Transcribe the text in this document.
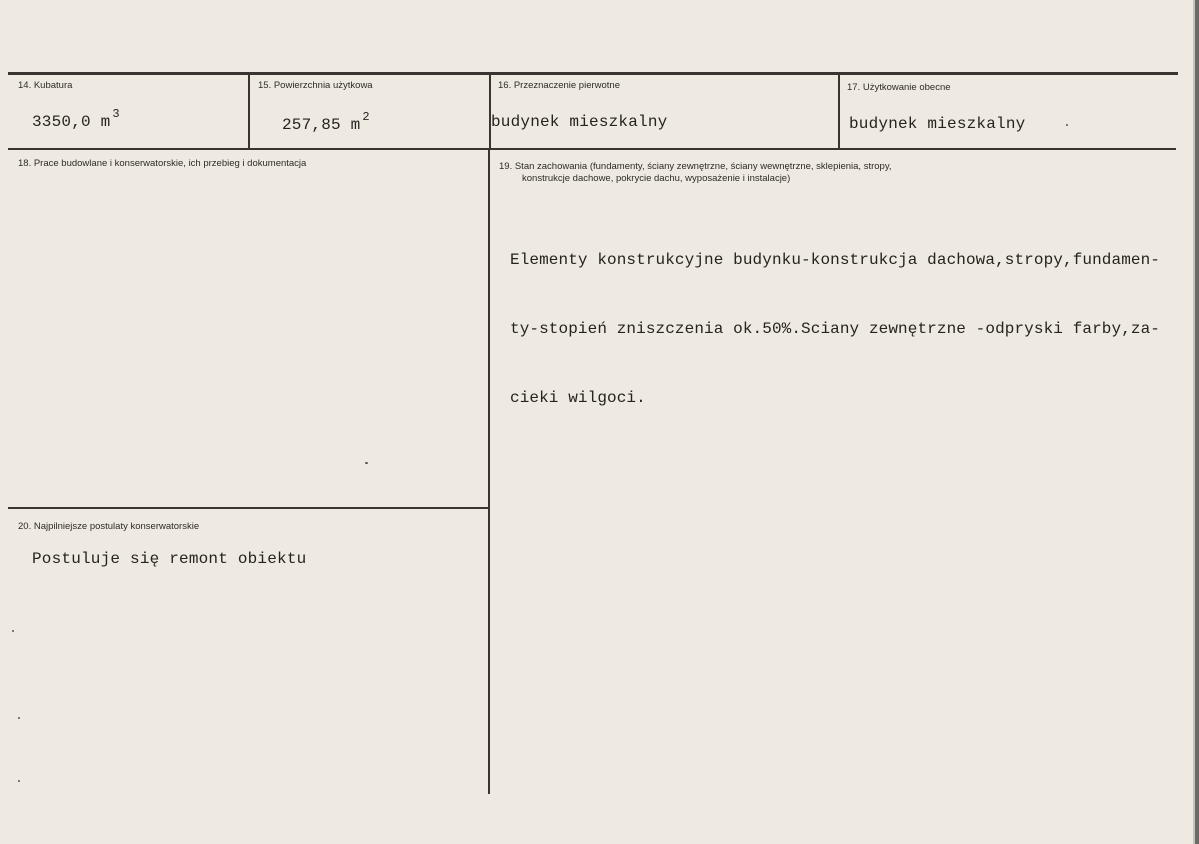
14. Kubatura
3350,0 m $^3$
15. Powierzchnia użytkowa
257,85 m $^2$
16. Przeznaczenie pierwotne
budynek mieszkalny
17. Użytkowanie obecne
budynek mieszkalny
18. Prace budowlane i konserwatorskie, ich przebieg i dokumentacja	19. Stan zachowania (fundamenty, ściany zewnętrzne, ściany wewnętrzne, sklepienia, stropy,
konstrukcje dachowe, pokrycie dachu, wyposażenie i instalacje)

Elementy konstrukcyjne budynku-konstrukcja dachowa,stropy,fundamen-

ty-stopień zniszczenia ok.50%.Sciany zewnętrzne -odpryski farby,za-

cieki wilgoci.

20. Najpilniejsze postulaty konserwatorskie
Postuluje się remont obiektu
